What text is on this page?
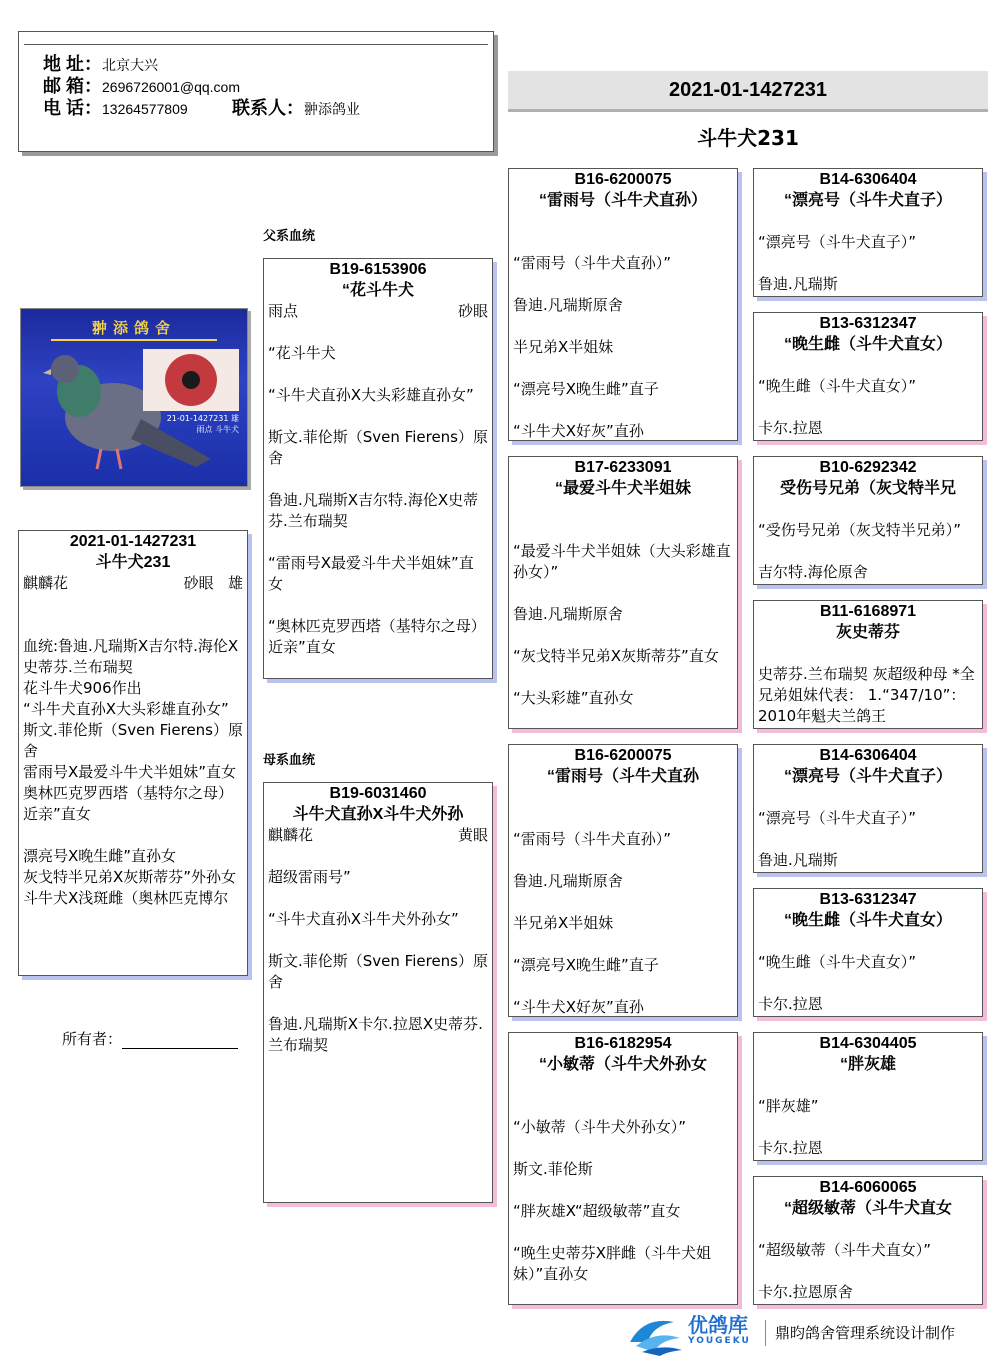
地 址：北京大兴
邮 箱：2696726001@qq.com
电 话：13264577809 联系人：翀添鸽业
2021-01-1427231
斗牛犬231
翀添鸽舍
21-01-1427231 雄
雨点 斗牛犬
2021-01-1427231
斗牛犬231
麒麟花	砂眼 雄
血统:鲁迪.凡瑞斯X吉尔特.海伦X史蒂芬.兰布瑞契
花斗牛犬906作出
“斗牛犬直孙X大头彩雄直孙女”
斯文.菲伦斯（Sven Fierens）原舍
雷雨号X最爱斗牛犬半姐妹”直女
奥林匹克罗西塔（基特尔之母）近亲”直女
漂亮号X晚生雌”直孙女
灰戈特半兄弟X灰斯蒂芬”外孙女
斗牛犬X浅斑雌（奥林匹克博尔
所有者：
父系血统
母系血统
B19-6153906
“花斗牛犬
雨点	砂眼
“花斗牛犬
“斗牛犬直孙X大头彩雄直孙女”
斯文.菲伦斯（Sven Fierens）原舍
鲁迪.凡瑞斯X吉尔特.海伦X史蒂芬.兰布瑞契
“雷雨号X最爱斗牛犬半姐妹”直女
“奥林匹克罗西塔（基特尔之母）近亲”直女
B19-6031460
斗牛犬直孙X斗牛犬外孙
麒麟花	黄眼
超级雷雨号”
“斗牛犬直孙X斗牛犬外孙女”
斯文.菲伦斯（Sven Fierens）原舍
鲁迪.凡瑞斯X卡尔.拉恩X史蒂芬.兰布瑞契
B16-6200075
“雷雨号（斗牛犬直孙）
“雷雨号（斗牛犬直孙）”
鲁迪.凡瑞斯原舍
半兄弟X半姐妹
“漂亮号X晚生雌”直子
“斗牛犬X好灰”直孙
B17-6233091
“最爱斗牛犬半姐妹
“最爱斗牛犬半姐妹（大头彩雄直孙女）”
鲁迪.凡瑞斯原舍
“灰戈特半兄弟X灰斯蒂芬”直女
“大头彩雄”直孙女
B16-6200075
“雷雨号（斗牛犬直孙
“雷雨号（斗牛犬直孙）”
鲁迪.凡瑞斯原舍
半兄弟X半姐妹
“漂亮号X晚生雌”直子
“斗牛犬X好灰”直孙
B16-6182954
“小敏蒂（斗牛犬外孙女
“小敏蒂（斗牛犬外孙女）”
斯文.菲伦斯
“胖灰雄X“超级敏蒂”直女
“晚生史蒂芬X胖雌（斗牛犬姐妹）”直孙女
B14-6306404
“漂亮号（斗牛犬直子）
“漂亮号（斗牛犬直子）”
鲁迪.凡瑞斯
B13-6312347
“晚生雌（斗牛犬直女）
“晚生雌（斗牛犬直女）”
卡尔.拉恩
B10-6292342
受伤号兄弟（灰戈特半兄
“受伤号兄弟（灰戈特半兄弟）”
吉尔特.海伦原舍
B11-6168971
灰史蒂芬
史蒂芬.兰布瑞契 灰超级种母 *全兄弟姐妹代表： 1.“347/10”： 2010年魁夫兰鸽王
B14-6306404
“漂亮号（斗牛犬直子）
“漂亮号（斗牛犬直子）”
鲁迪.凡瑞斯
B13-6312347
“晚生雌（斗牛犬直女）
“晚生雌（斗牛犬直女）”
卡尔.拉恩
B14-6304405
“胖灰雄
“胖灰雄”
卡尔.拉恩
B14-6060065
“超级敏蒂（斗牛犬直女
“超级敏蒂（斗牛犬直女）”
卡尔.拉恩原舍
优鸽库
YOUGEKU 鼎昀鸽舍管理系统设计制作
